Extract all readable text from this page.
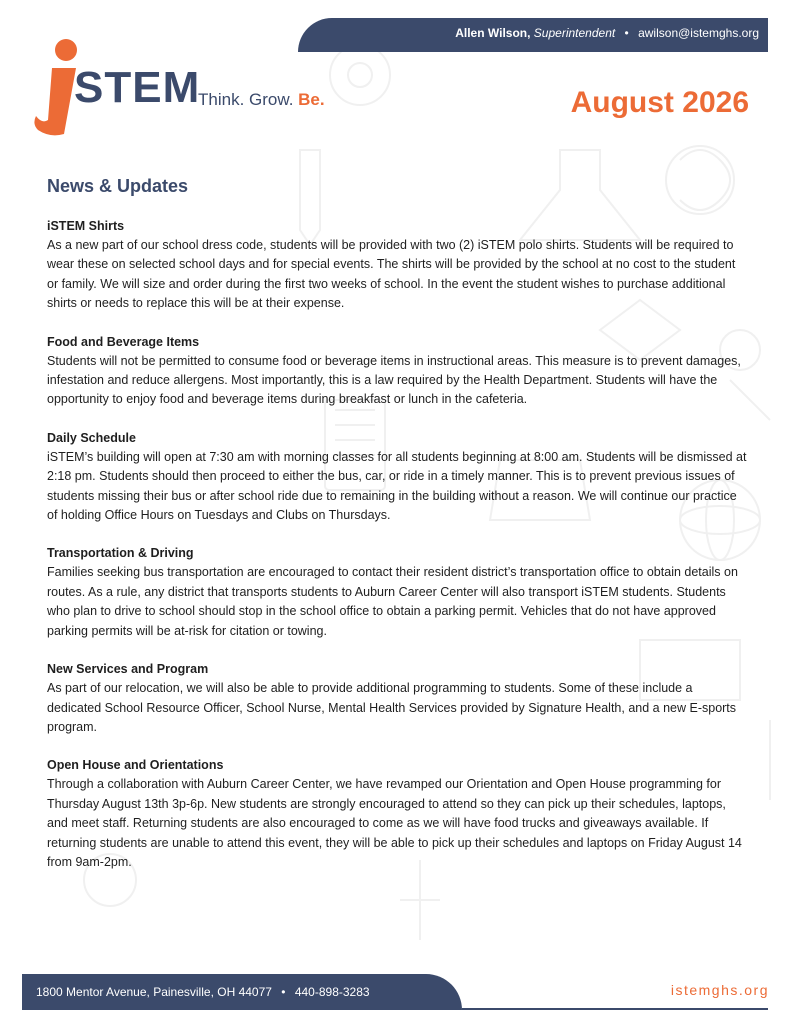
Allen Wilson, Superintendent • awilson@istemghs.org
STEM
Think. Grow. Be.	August 2026
News & Updates
iSTEM Shirts

As a new part of our school dress code, students will be provided with two (2) iSTEM polo shirts. Students will be required to wear these on selected school days and for special events. The shirts will be provided by the school at no cost to the student or family. We will size and order during the first two weeks of school. In the event the student wishes to purchase additional shirts or needs to replace this will be at their expense.

Food and Beverage Items

Students will not be permitted to consume food or beverage items in instructional areas. This measure is to prevent damages, infestation and reduce allergens. Most importantly, this is a law required by the Health Department. Students will have the opportunity to enjoy food and beverage items during breakfast or lunch in the cafeteria.

Daily Schedule

iSTEM’s building will open at 7:30 am with morning classes for all students beginning at 8:00 am. Students will be dismissed at 2:18 pm. Students should then proceed to either the bus, car, or ride in a timely manner. This is to prevent previous issues of students missing their bus or after school ride due to remaining in the building without a reason. We will continue our practice of holding Office Hours on Tuesdays and Clubs on Thursdays.

Transportation & Driving

Families seeking bus transportation are encouraged to contact their resident district’s transportation office to obtain details on routes. As a rule, any district that transports students to Auburn Career Center will also transport iSTEM students. Students who plan to drive to school should stop in the school office to obtain a parking permit. Vehicles that do not have approved parking permits will be at-risk for citation or towing.

New Services and Program

As part of our relocation, we will also be able to provide additional programming to students. Some of these include a dedicated School Resource Officer, School Nurse, Mental Health Services provided by Signature Health, and a new E-sports program.

Open House and Orientations

Through a collaboration with Auburn Career Center, we have revamped our Orientation and Open House programming for Thursday August 13th 3p-6p. New students are strongly encouraged to attend so they can pick up their schedules, laptops, and meet staff. Returning students are also encouraged to come as we will have food trucks and giveaways available. If returning students are unable to attend this event, they will be able to pick up their schedules and laptops on Friday August 14 from 9am-2pm.

1800 Mentor Avenue, Painesville, OH 44077 • 440-898-3283	istemghs.org
